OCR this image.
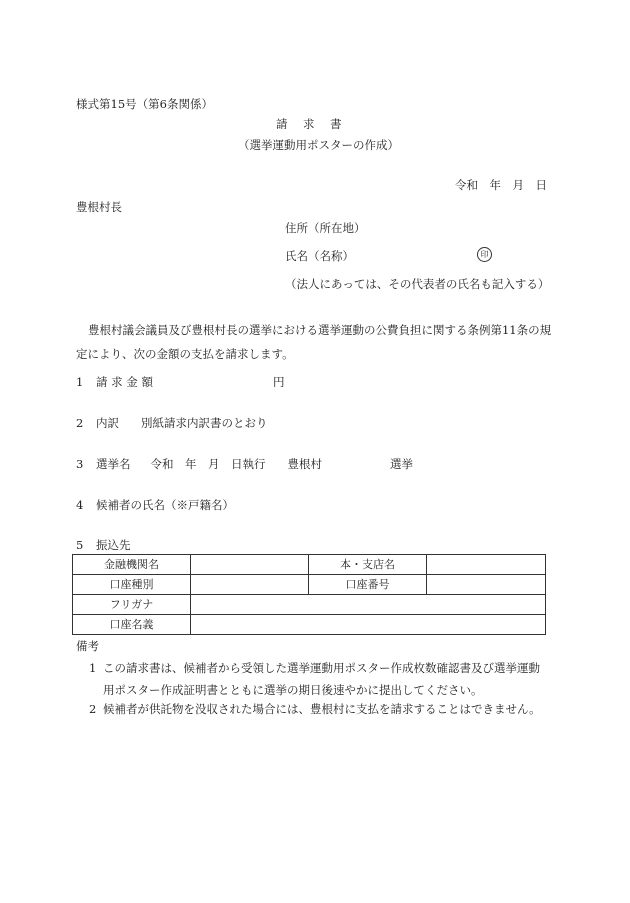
様式第15号（第6条関係）
請　求　書
（選挙運動用ポスターの作成）
令和　年　月　日
豊根村長
住所（所在地）
氏名（名称）	印
（法人にあっては、その代表者の氏名も記入する）
豊根村議会議員及び豊根村長の選挙における選挙運動の公費負担に関する条例第11条の規定により、次の金額の支払を請求します。
1 請 求 金 額	円
2 内訳 別紙請求内訳書のとおり
3 選挙名 令和　年　月　日執行 豊根村	選挙
4 候補者の氏名（※戸籍名）
5 振込先
金融機関名		本・支店名	
口座種別		口座番号	
フリガナ			
口座名義			
備考
1 この請求書は、候補者から受領した選挙運動用ポスター作成枚数確認書及び選挙運動
用ポスター作成証明書とともに選挙の期日後速やかに提出してください。
2 候補者が供託物を没収された場合には、豊根村に支払を請求することはできません。
